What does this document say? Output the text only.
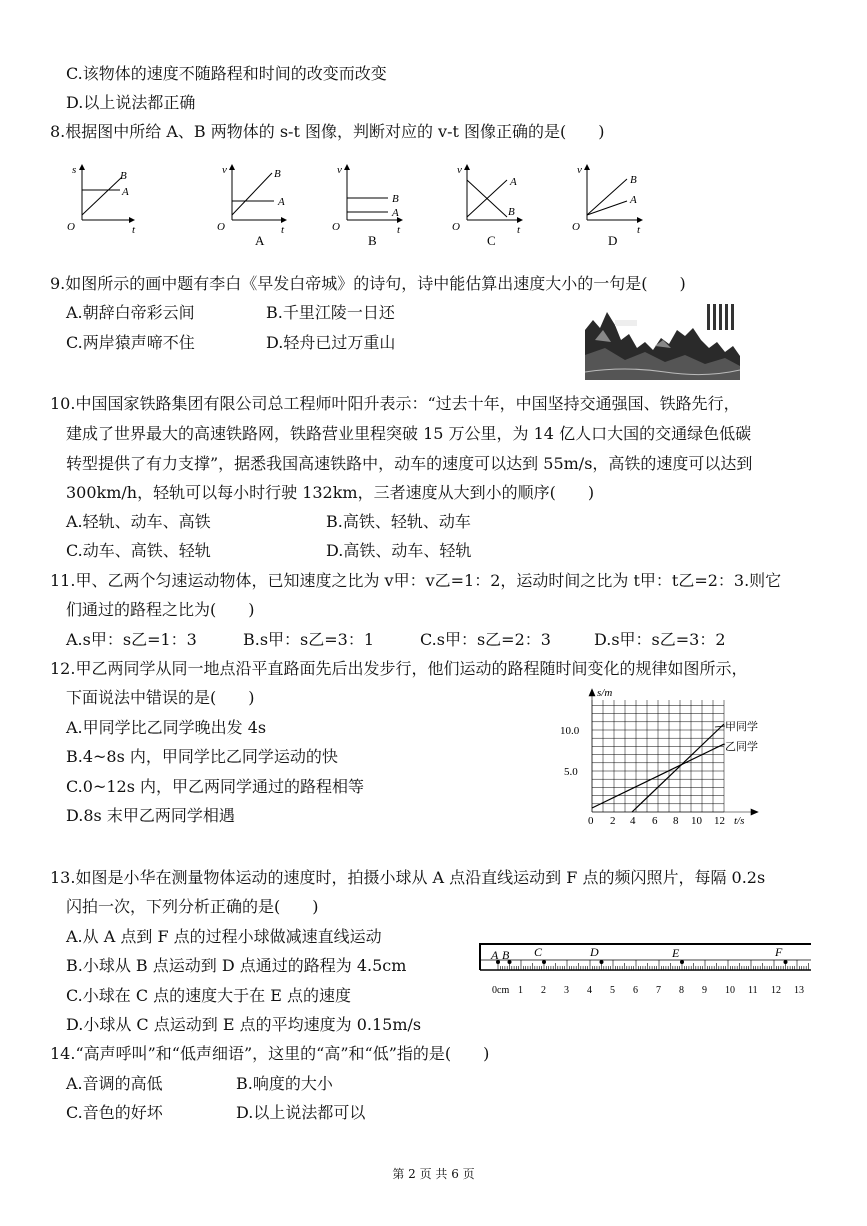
C.该物体的速度不随路程和时间的改变而改变
D.以上说法都正确
8.根据图中所给 A、B 两物体的 s-t 图像，判断对应的 v-t 图像正确的是(　　)
s	B
A
O	t
v	B
A
O	t
A
v
B
A
O	t
B
v
A
B
O	t
C
v
B
A
O	t
D
9.如图所示的画中题有李白《早发白帝城》的诗句，诗中能估算出速度大小的一句是(　　)
A.朝辞白帝彩云间	B.千里江陵一日还
C.两岸猿声啼不住	D.轻舟已过万重山
10.中国国家铁路集团有限公司总工程师叶阳升表示：“过去十年，中国坚持交通强国、铁路先行，
建成了世界最大的高速铁路网，铁路营业里程突破 15 万公里，为 14 亿人口大国的交通绿色低碳
转型提供了有力支撑”，据悉我国高速铁路中，动车的速度可以达到 55m/s，高铁的速度可以达到
300km/h，轻轨可以每小时行驶 132km，三者速度从大到小的顺序(　　)
A.轻轨、动车、高铁	B.高铁、轻轨、动车
C.动车、高铁、轻轨	D.高铁、动车、轻轨
11.甲、乙两个匀速运动物体，已知速度之比为 v甲：v乙=1：2，运动时间之比为 t甲：t乙=2：3.则它
们通过的路程之比为(　　)
A.s甲：s乙=1：3	B.s甲：s乙=3：1	C.s甲：s乙=2：3	D.s甲：s乙=3：2
12.甲乙两同学从同一地点沿平直路面先后出发步行，他们运动的路程随时间变化的规律如图所示，
下面说法中错误的是(　　)
A.甲同学比乙同学晚出发 4s
B.4~8s 内，甲同学比乙同学运动的快
C.0~12s 内，甲乙两同学通过的路程相等
D.8s 末甲乙两同学相遇
s/m
t/s
5.0
10.0
0 2 4 6 8 10 12
甲同学
乙同学
13.如图是小华在测量物体运动的速度时，拍摄小球从 A 点沿直线运动到 F 点的频闪照片，每隔 0.2s
闪拍一次，下列分析正确的是(　　)
A.从 A 点到 F 点的过程小球做减速直线运动
B.小球从 B 点运动到 D 点通过的路程为 4.5cm
C.小球在 C 点的速度大于在 E 点的速度
D.小球从 C 点运动到 E 点的平均速度为 0.15m/s
A B C	D	E	F
0cm 1 2 3 4 5 6 7 8 9 10 11 12 13
14.“高声呼叫”和“低声细语”，这里的“高”和“低”指的是(　　)
A.音调的高低	B.响度的大小
C.音色的好坏	D.以上说法都可以
第 2 页 共 6 页
